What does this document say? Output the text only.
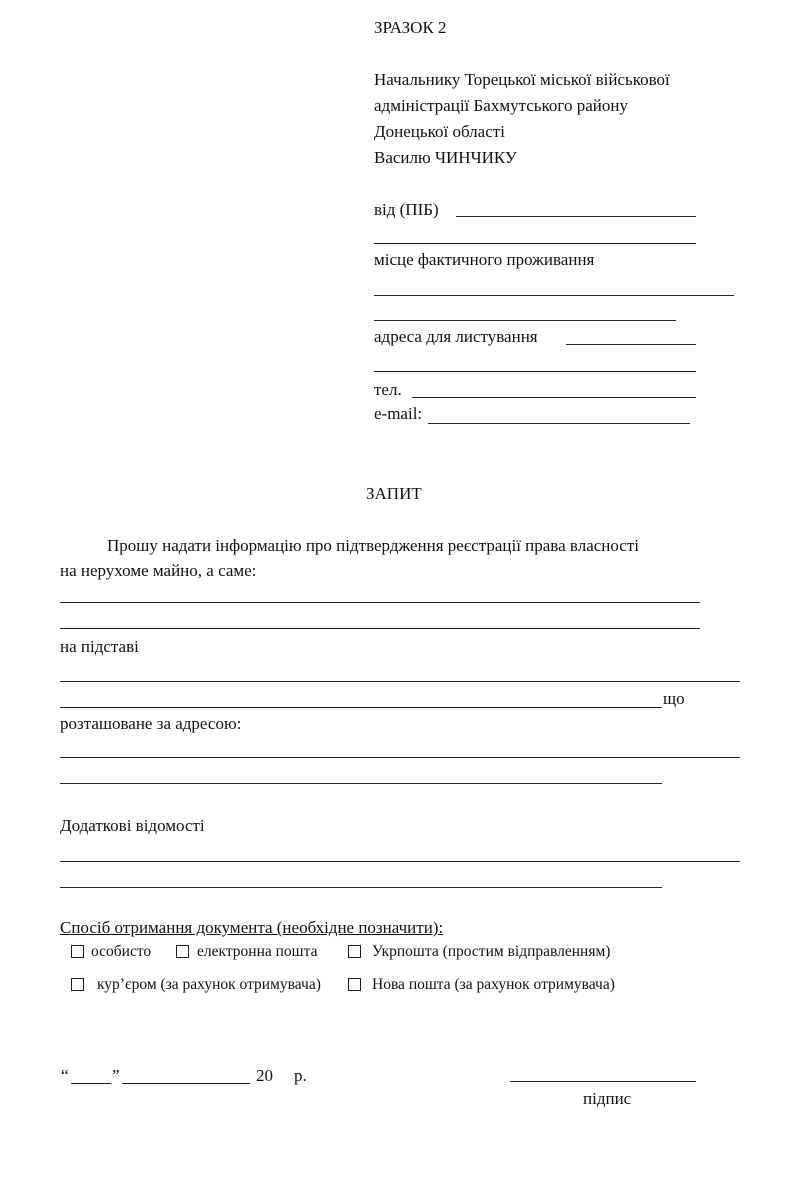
ЗРАЗОК 2
Начальнику Торецької міської військової
адміністрації Бахмутського району
Донецької області
Василю ЧИНЧИКУ
від (ПІБ)
місце фактичного проживання
адреса для листування
тел.
e-mail:
ЗАПИТ
Прошу надати інформацію про підтвердження реєстрації права власності
на нерухоме майно, а саме:
на підставі
що
розташоване за адресою:
Додаткові відомості
Спосіб отримання документа (необхідне позначити):
особисто	електронна пошта	Укрпошта (простим відправленням)
кур’єром (за рахунок отримувача)	Нова пошта (за рахунок отримувача)
“	”	20 р.
підпис
